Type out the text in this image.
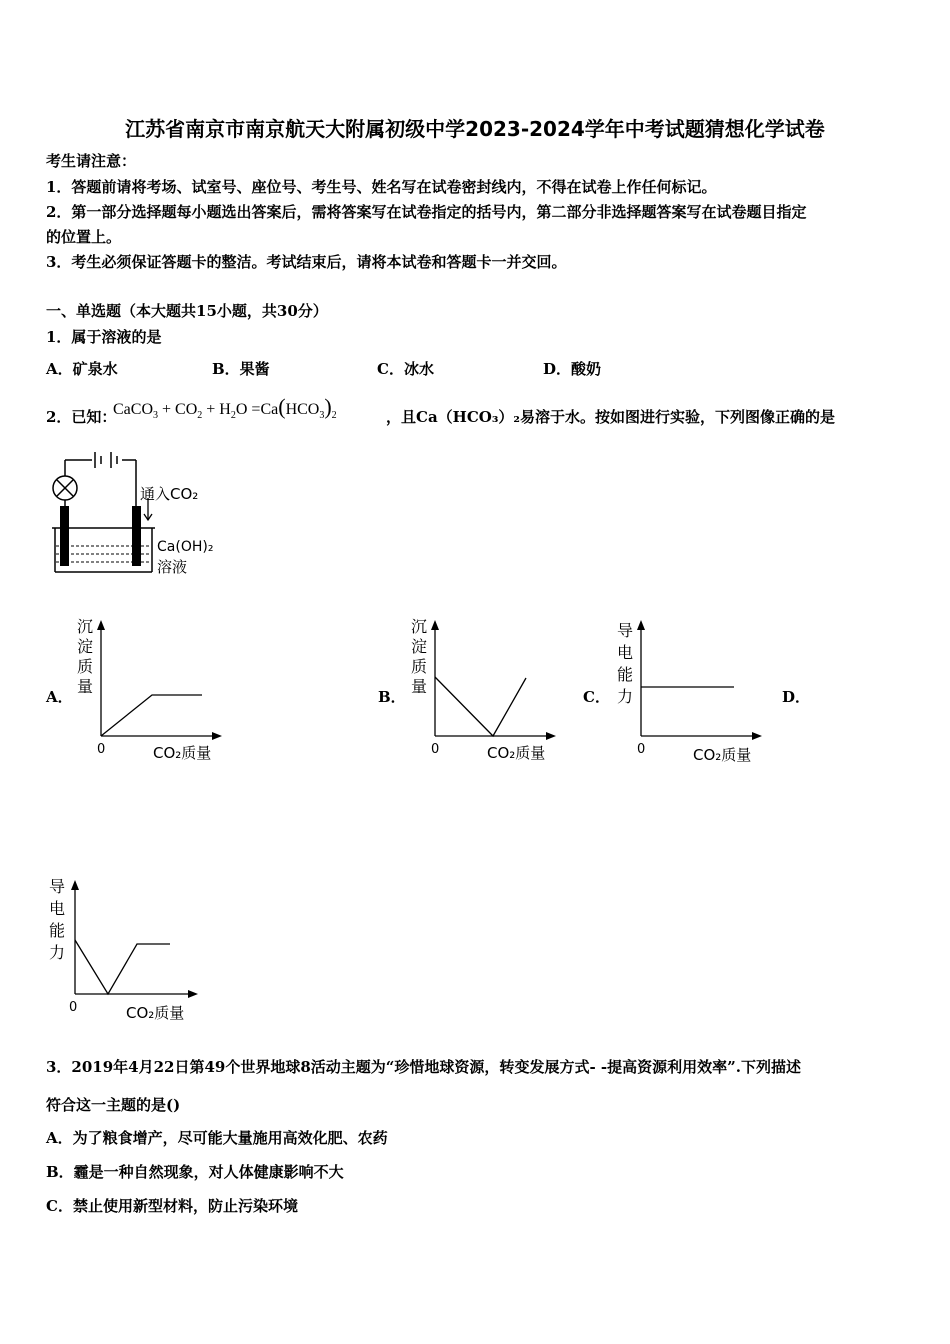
江苏省南京市南京航天大附属初级中学2023-2024学年中考试题猜想化学试卷
考生请注意：
1．答题前请将考场、试室号、座位号、考生号、姓名写在试卷密封线内，不得在试卷上作任何标记。
2．第一部分选择题每小题选出答案后，需将答案写在试卷指定的括号内，第二部分非选择题答案写在试卷题目指定
的位置上。
3．考生必须保证答题卡的整洁。考试结束后，请将本试卷和答题卡一并交回。
一、单选题（本大题共15小题，共30分）
1．属于溶液的是
A．矿泉水	B．果酱	C．冰水	D．酸奶
2．已知：
CaCO$_3$ + $CO_2 + H_2O =Ca(HCO_3)_2$	，且Ca（HCO₃）₂易溶于水。按如图进行实验，下列图像正确的是
通入CO₂
Ca(OH)₂
溶液
A．
沉
淀
质
量
0	CO₂质量
B．
沉
淀
质
量
0	CO₂质量
C．
导
电
能
力
0	CO₂质量
D．
导
电
能
力
0	CO₂质量
3．2019年4月22日第49个世界地球8活动主题为“珍惜地球资源，转变发展方式- -提高资源利用效率”.下列描述
符合这一主题的是()
A．为了粮食增产，尽可能大量施用高效化肥、农药
B．霾是一种自然现象，对人体健康影响不大
C．禁止使用新型材料，防止污染环境
